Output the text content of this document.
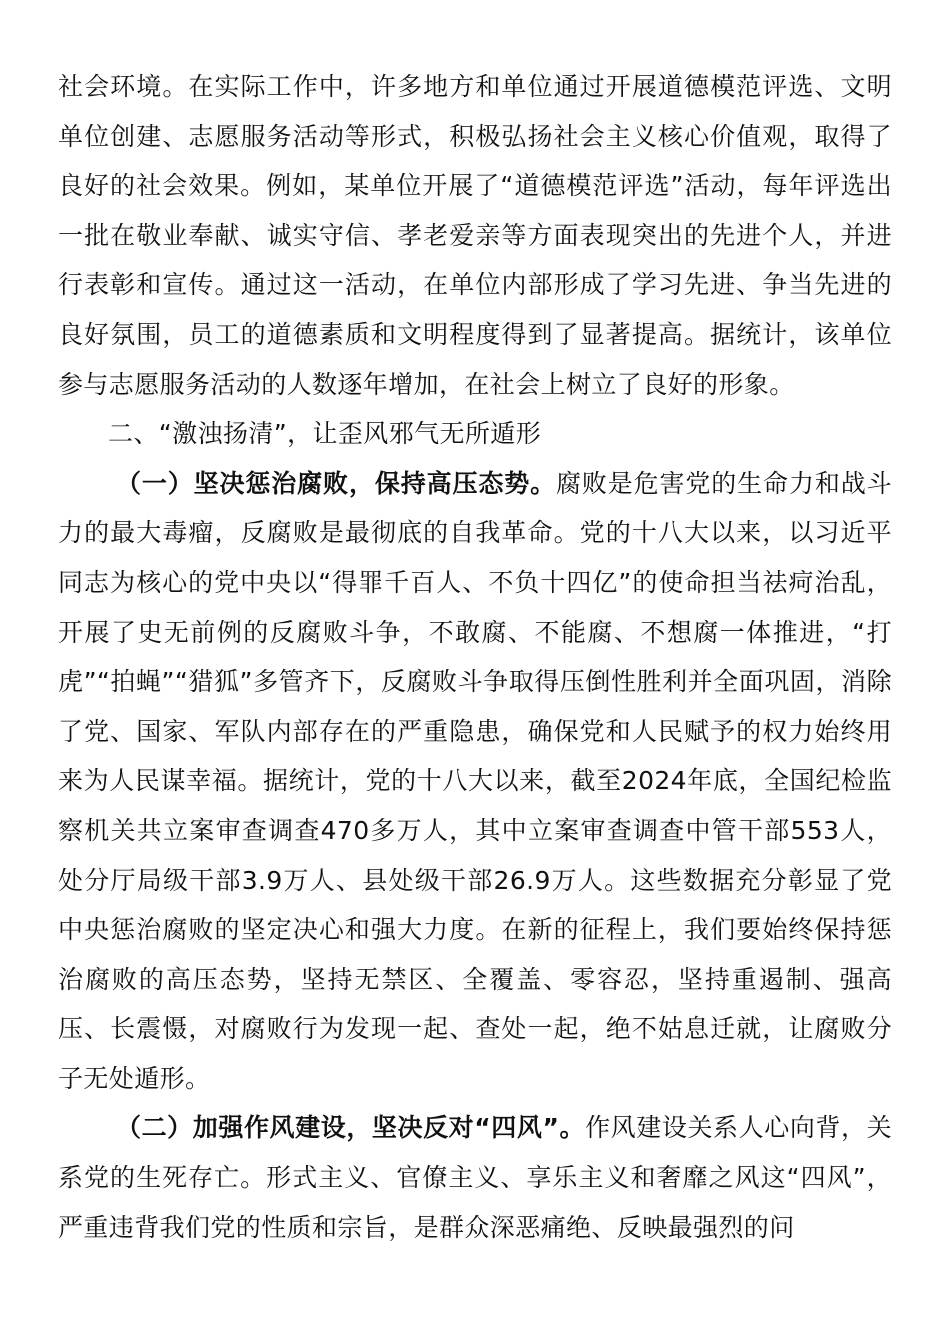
社会环境。在实际工作中，许多地方和单位通过开展道德模范评选、文明单位创建、志愿服务活动等形式，积极弘扬社会主义核心价值观，取得了良好的社会效果。例如，某单位开展了“道德模范评选”活动，每年评选出一批在敬业奉献、诚实守信、孝老爱亲等方面表现突出的先进个人，并进行表彰和宣传。通过这一活动，在单位内部形成了学习先进、争当先进的良好氛围，员工的道德素质和文明程度得到了显著提高。据统计，该单位参与志愿服务活动的人数逐年增加，在社会上树立了良好的形象。

二、“激浊扬清”，让歪风邪气无所遁形

（一）坚决惩治腐败，保持高压态势。腐败是危害党的生命力和战斗力的最大毒瘤，反腐败是最彻底的自我革命。党的十八大以来，以习近平同志为核心的党中央以“得罪千百人、不负十四亿”的使命担当祛疴治乱，开展了史无前例的反腐败斗争，不敢腐、不能腐、不想腐一体推进，“打虎”“拍蝇”“猎狐”多管齐下，反腐败斗争取得压倒性胜利并全面巩固，消除了党、国家、军队内部存在的严重隐患，确保党和人民赋予的权力始终用来为人民谋幸福。据统计，党的十八大以来，截至2024年底，全国纪检监察机关共立案审查调查470多万人，其中立案审查调查中管干部553人，处分厅局级干部3.9万人、县处级干部26.9万人。这些数据充分彰显了党中央惩治腐败的坚定决心和强大力度。在新的征程上，我们要始终保持惩治腐败的高压态势，坚持无禁区、全覆盖、零容忍，坚持重遏制、强高压、长震慑，对腐败行为发现一起、查处一起，绝不姑息迁就，让腐败分子无处遁形。

（二）加强作风建设，坚决反对“四风”。作风建设关系人心向背，关系党的生死存亡。形式主义、官僚主义、享乐主义和奢靡之风这“四风”，严重违背我们党的性质和宗旨，是群众深恶痛绝、反映最强烈的问
